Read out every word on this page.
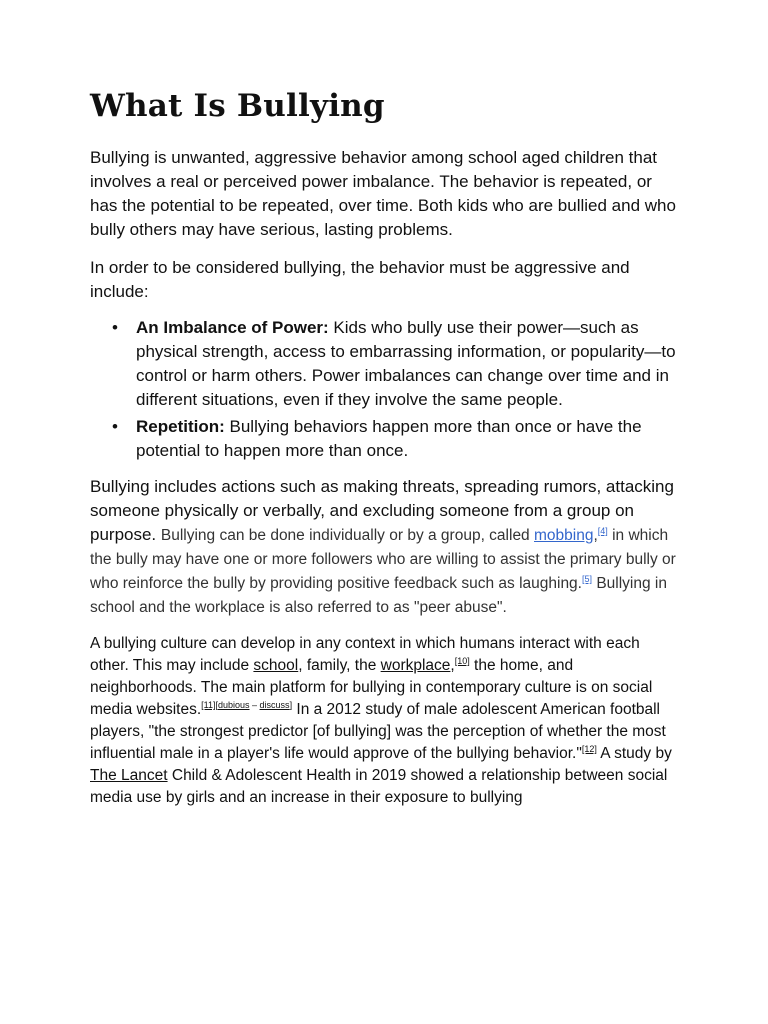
What Is Bullying

Bullying is unwanted, aggressive behavior among school aged children that involves a real or perceived power imbalance. The behavior is repeated, or has the potential to be repeated, over time. Both kids who are bullied and who bully others may have serious, lasting problems.

In order to be considered bullying, the behavior must be aggressive and include:

• An Imbalance of Power: Kids who bully use their power—such as physical strength, access to embarrassing information, or popularity—to control or harm others. Power imbalances can change over time and in different situations, even if they involve the same people.
• Repetition: Bullying behaviors happen more than once or have the potential to happen more than once.

Bullying includes actions such as making threats, spreading rumors, attacking someone physically or verbally, and excluding someone from a group on purpose. Bullying can be done individually or by a group, called mobbing,[4] in which the bully may have one or more followers who are willing to assist the primary bully or who reinforce the bully by providing positive feedback such as laughing.[5] Bullying in school and the workplace is also referred to as "peer abuse".

A bullying culture can develop in any context in which humans interact with each other. This may include school, family, the workplace,[10] the home, and neighborhoods. The main platform for bullying in contemporary culture is on social media websites.[11][dubious – discuss] In a 2012 study of male adolescent American football players, "the strongest predictor [of bullying] was the perception of whether the most influential male in a player's life would approve of the bullying behavior."[12] A study by The Lancet Child & Adolescent Health in 2019 showed a relationship between social media use by girls and an increase in their exposure to bullying
